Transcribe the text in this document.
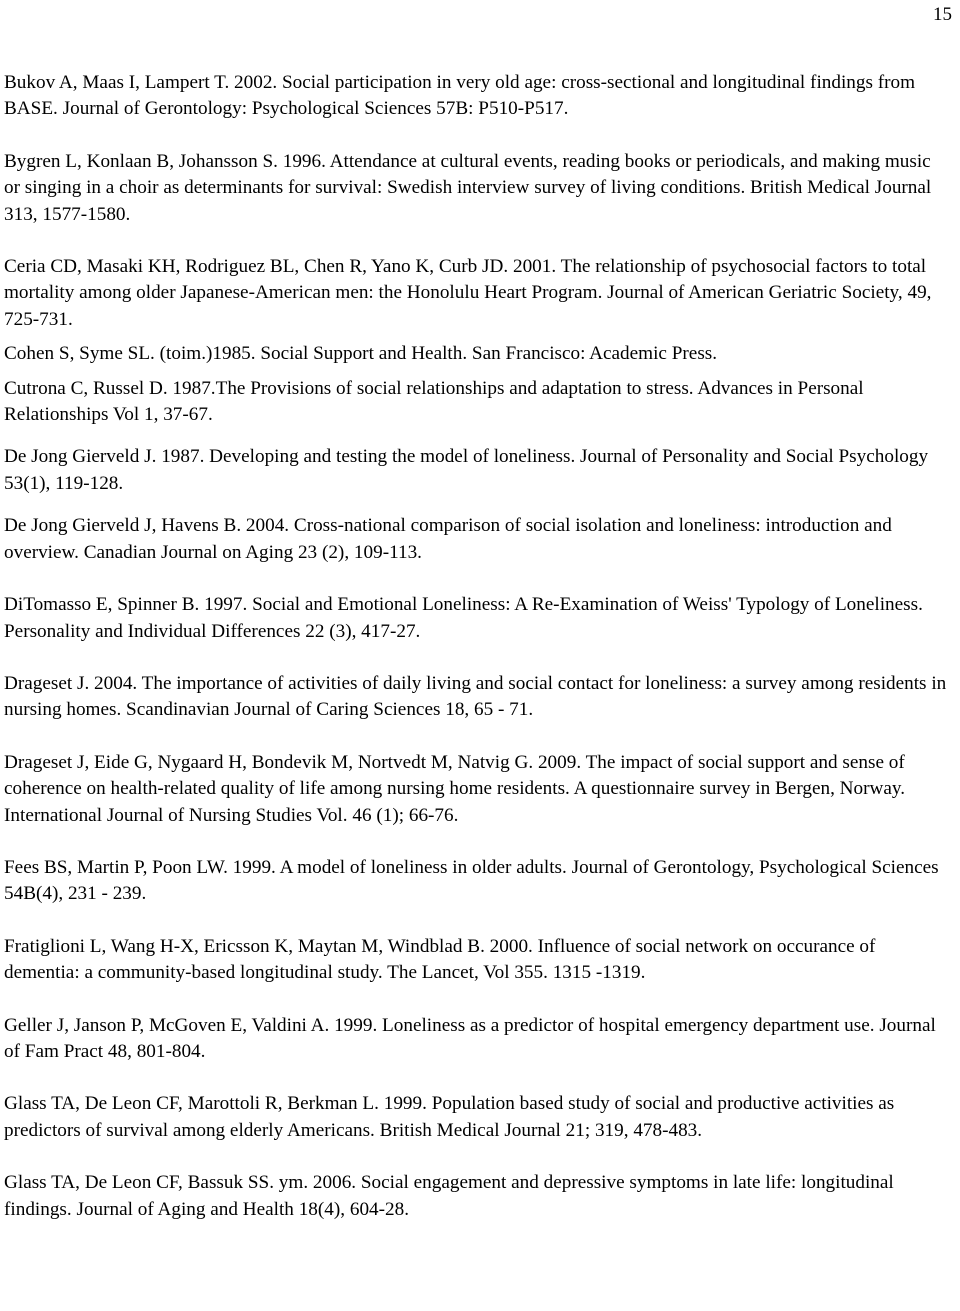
15

Bukov A, Maas I, Lampert T. 2002. Social participation in very old age: cross-sectional and longitudinal findings from BASE. Journal of Gerontology: Psychological Sciences 57B: P510-P517.

Bygren L, Konlaan B, Johansson S. 1996. Attendance at cultural events, reading books or periodicals, and making music or singing in a choir as determinants for survival: Swedish interview survey of living conditions. British Medical Journal 313, 1577-1580.

Ceria CD, Masaki KH, Rodriguez BL, Chen R, Yano K, Curb JD. 2001. The relationship of psychosocial factors to total mortality among older Japanese-American men: the Honolulu Heart Program. Journal of American Geriatric Society, 49, 725-731.

Cohen S, Syme SL. (toim.)1985. Social Support and Health. San Francisco: Academic Press.

Cutrona C, Russel D. 1987.The Provisions of social relationships and adaptation to stress. Advances in Personal Relationships Vol 1, 37-67.

De Jong Gierveld J. 1987. Developing and testing the model of loneliness. Journal of Personality and Social Psychology 53(1), 119-128.

De Jong Gierveld J, Havens B. 2004. Cross-national comparison of social isolation and loneliness: introduction and overview. Canadian Journal on Aging 23 (2), 109-113.

DiTomasso E, Spinner B. 1997. Social and Emotional Loneliness: A Re-Examination of Weiss' Typology of Loneliness. Personality and Individual Differences 22 (3), 417-27.

Drageset J. 2004. The importance of activities of daily living and social contact for loneliness: a survey among residents in nursing homes. Scandinavian Journal of Caring Sciences 18, 65 - 71.

Drageset J, Eide G, Nygaard H, Bondevik M, Nortvedt M, Natvig G. 2009. The impact of social support and sense of coherence on health-related quality of life among nursing home residents. A questionnaire survey in Bergen, Norway. International Journal of Nursing Studies Vol. 46 (1); 66-76.

Fees BS, Martin P, Poon LW. 1999. A model of loneliness in older adults. Journal of Gerontology, Psychological Sciences 54B(4), 231 - 239.

Fratiglioni L, Wang H-X, Ericsson K, Maytan M, Windblad B. 2000. Influence of social network on occurance of dementia: a community-based longitudinal study. The Lancet, Vol 355. 1315 -1319.

Geller J, Janson P, McGoven E, Valdini A. 1999. Loneliness as a predictor of hospital emergency department use. Journal of Fam Pract 48, 801-804.

Glass TA, De Leon CF, Marottoli R, Berkman L. 1999. Population based study of social and productive activities as predictors of survival among elderly Americans. British Medical Journal 21; 319, 478-483.

Glass TA, De Leon CF, Bassuk SS. ym. 2006. Social engagement and depressive symptoms in late life: longitudinal findings. Journal of Aging and Health 18(4), 604-28.
